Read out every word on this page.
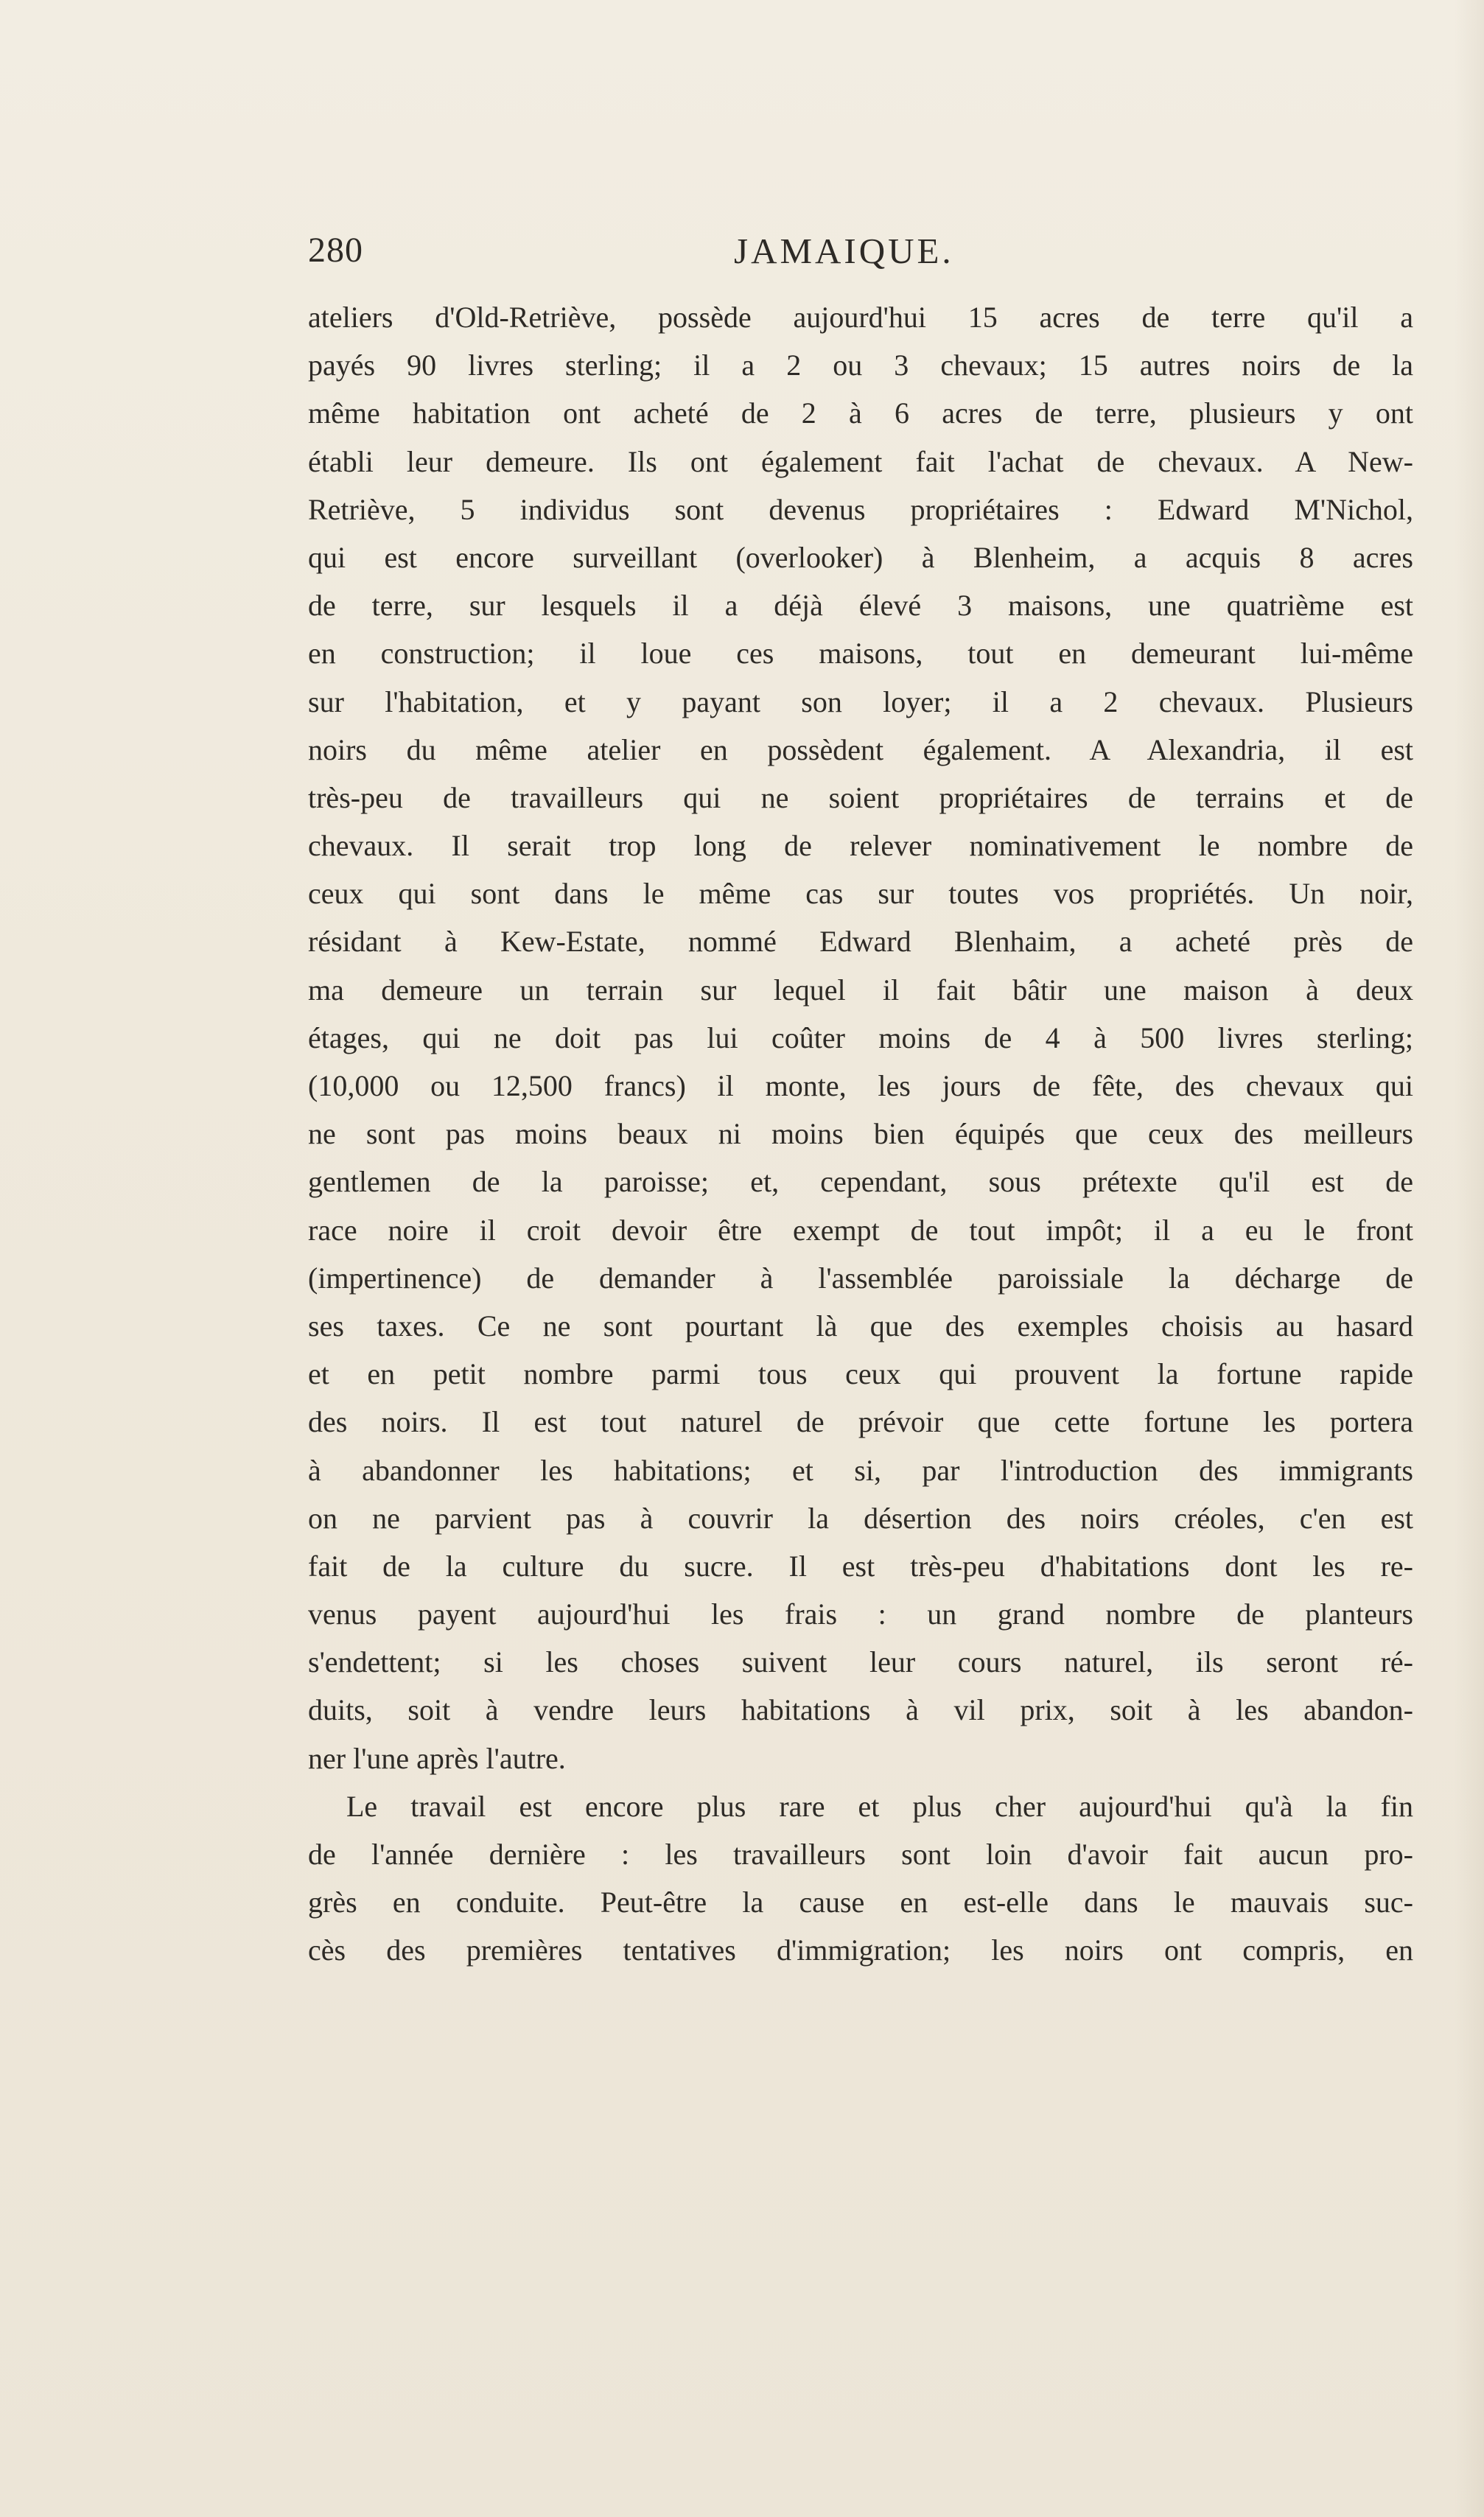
280	JAMAIQUE.
ateliers d'Old-Retriève, possède aujourd'hui 15 acres de terre qu'il a
payés 90 livres sterling; il a 2 ou 3 chevaux; 15 autres noirs de la
même habitation ont acheté de 2 à 6 acres de terre, plusieurs y ont
établi leur demeure. Ils ont également fait l'achat de chevaux. A New-
Retriève, 5 individus sont devenus propriétaires : Edward M'Nichol,
qui est encore surveillant (overlooker) à Blenheim, a acquis 8 acres
de terre, sur lesquels il a déjà élevé 3 maisons, une quatrième est
en construction; il loue ces maisons, tout en demeurant lui-même
sur l'habitation, et y payant son loyer; il a 2 chevaux. Plusieurs
noirs du même atelier en possèdent également. A Alexandria, il est
très-peu de travailleurs qui ne soient propriétaires de terrains et de
chevaux. Il serait trop long de relever nominativement le nombre de
ceux qui sont dans le même cas sur toutes vos propriétés. Un noir,
résidant à Kew-Estate, nommé Edward Blenhaim, a acheté près de
ma demeure un terrain sur lequel il fait bâtir une maison à deux
étages, qui ne doit pas lui coûter moins de 4 à 500 livres sterling;
(10,000 ou 12,500 francs) il monte, les jours de fête, des chevaux qui
ne sont pas moins beaux ni moins bien équipés que ceux des meilleurs
gentlemen de la paroisse; et, cependant, sous prétexte qu'il est de
race noire il croit devoir être exempt de tout impôt; il a eu le front
(impertinence) de demander à l'assemblée paroissiale la décharge de
ses taxes. Ce ne sont pourtant là que des exemples choisis au hasard
et en petit nombre parmi tous ceux qui prouvent la fortune rapide
des noirs. Il est tout naturel de prévoir que cette fortune les portera
à abandonner les habitations; et si, par l'introduction des immigrants
on ne parvient pas à couvrir la désertion des noirs créoles, c'en est
fait de la culture du sucre. Il est très-peu d'habitations dont les re-
venus payent aujourd'hui les frais : un grand nombre de planteurs
s'endettent; si les choses suivent leur cours naturel, ils seront ré-
duits, soit à vendre leurs habitations à vil prix, soit à les abandon-
ner l'une après l'autre.
Le travail est encore plus rare et plus cher aujourd'hui qu'à la fin
de l'année dernière : les travailleurs sont loin d'avoir fait aucun pro-
grès en conduite. Peut-être la cause en est-elle dans le mauvais suc-
cès des premières tentatives d'immigration; les noirs ont compris, en
